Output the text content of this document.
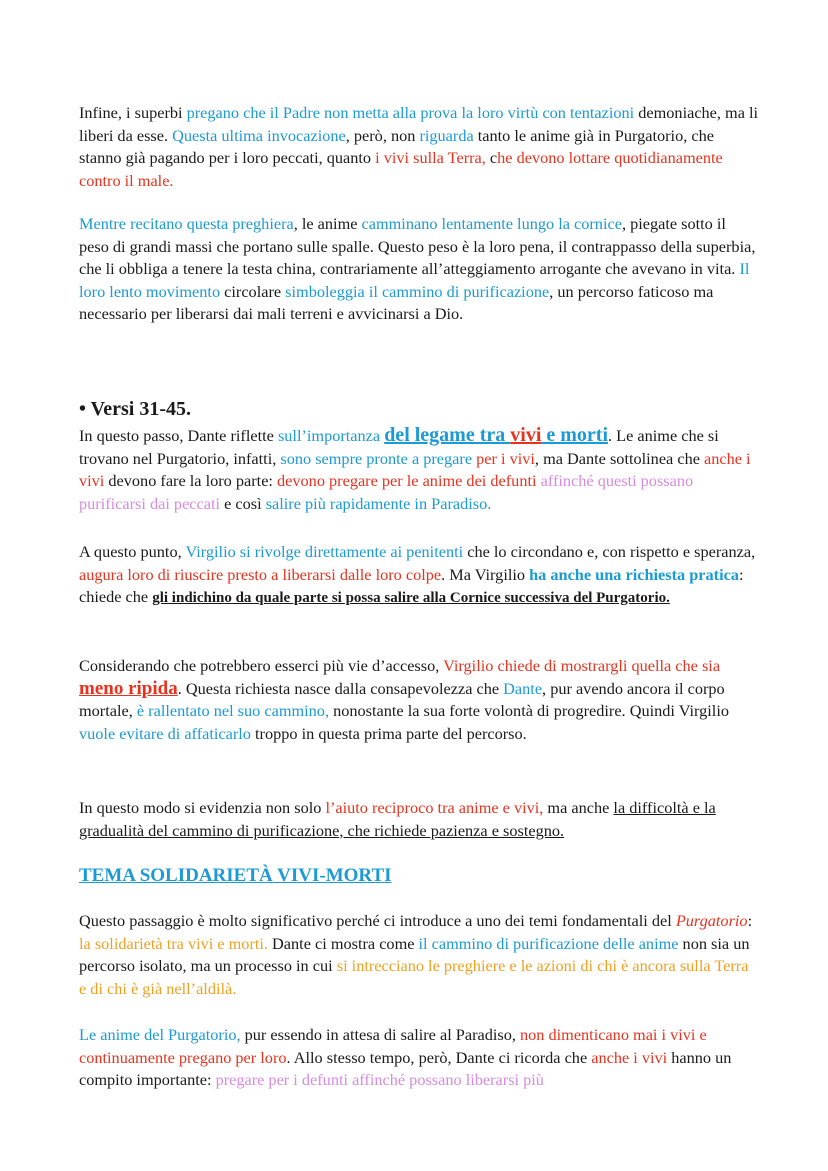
Infine, i superbi pregano che il Padre non metta alla prova la loro virtù con tentazioni demoniache, ma li liberi da esse. Questa ultima invocazione, però, non riguarda tanto le anime già in Purgatorio, che stanno già pagando per i loro peccati, quanto i vivi sulla Terra, che devono lottare quotidianamente contro il male.

Mentre recitano questa preghiera, le anime camminano lentamente lungo la cornice, piegate sotto il peso di grandi massi che portano sulle spalle. Questo peso è la loro pena, il contrappasso della superbia, che li obbliga a tenere la testa china, contrariamente all’atteggiamento arrogante che avevano in vita. Il loro lento movimento circolare simboleggia il cammino di purificazione, un percorso faticoso ma necessario per liberarsi dai mali terreni e avvicinarsi a Dio.

• Versi 31-45.

In questo passo, Dante riflette sull’importanza del legame tra vivi e morti. Le anime che si trovano nel Purgatorio, infatti, sono sempre pronte a pregare per i vivi, ma Dante sottolinea che anche i vivi devono fare la loro parte: devono pregare per le anime dei defunti affinché questi possano purificarsi dai peccati e così salire più rapidamente in Paradiso.

A questo punto, Virgilio si rivolge direttamente ai penitenti che lo circondano e, con rispetto e speranza, augura loro di riuscire presto a liberarsi dalle loro colpe. Ma Virgilio ha anche una richiesta pratica: chiede che gli indichino da quale parte si possa salire alla Cornice successiva del Purgatorio.

Considerando che potrebbero esserci più vie d’accesso, Virgilio chiede di mostrargli quella che sia meno ripida. Questa richiesta nasce dalla consapevolezza che Dante, pur avendo ancora il corpo mortale, è rallentato nel suo cammino, nonostante la sua forte volontà di progredire. Quindi Virgilio vuole evitare di affaticarlo troppo in questa prima parte del percorso.

In questo modo si evidenzia non solo l’aiuto reciproco tra anime e vivi, ma anche la difficoltà e la gradualità del cammino di purificazione, che richiede pazienza e sostegno.

TEMA SOLIDARIETÀ VIVI-MORTI

Questo passaggio è molto significativo perché ci introduce a uno dei temi fondamentali del Purgatorio: la solidarietà tra vivi e morti. Dante ci mostra come il cammino di purificazione delle anime non sia un percorso isolato, ma un processo in cui si intrecciano le preghiere e le azioni di chi è ancora sulla Terra e di chi è già nell’aldilà.

Le anime del Purgatorio, pur essendo in attesa di salire al Paradiso, non dimenticano mai i vivi e continuamente pregano per loro. Allo stesso tempo, però, Dante ci ricorda che anche i vivi hanno un compito importante: pregare per i defunti affinché possano liberarsi più
